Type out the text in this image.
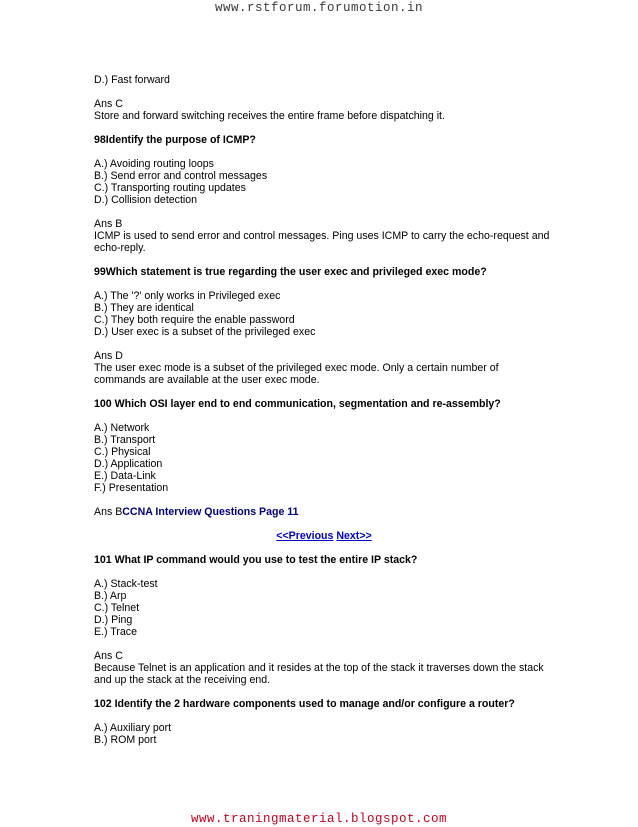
www.rstforum.forumotion.in

D.) Fast forward

Ans C

Store and forward switching receives the entire frame before dispatching it.

98Identify the purpose of ICMP?

A.) Avoiding routing loops

B.) Send error and control messages

C.) Transporting routing updates

D.) Collision detection

Ans B

ICMP is used to send error and control messages. Ping uses ICMP to carry the echo-request and

echo-reply.

99Which statement is true regarding the user exec and privileged exec mode?

A.) The '?' only works in Privileged exec

B.) They are identical

C.) They both require the enable password

D.) User exec is a subset of the privileged exec

Ans D

The user exec mode is a subset of the privileged exec mode. Only a certain number of

commands are available at the user exec mode.

100 Which OSI layer end to end communication, segmentation and re-assembly?

A.) Network

B.) Transport

C.) Physical

D.) Application

E.) Data-Link

F.) Presentation

Ans BCCNA Interview Questions Page 11

<<Previous Next>>

101 What IP command would you use to test the entire IP stack?

A.) Stack-test

B.) Arp

C.) Telnet

D.) Ping

E.) Trace

Ans C

Because Telnet is an application and it resides at the top of the stack it traverses down the stack

and up the stack at the receiving end.

102 Identify the 2 hardware components used to manage and/or configure a router?

A.) Auxiliary port

B.) ROM port

www.traningmaterial.blogspot.com
